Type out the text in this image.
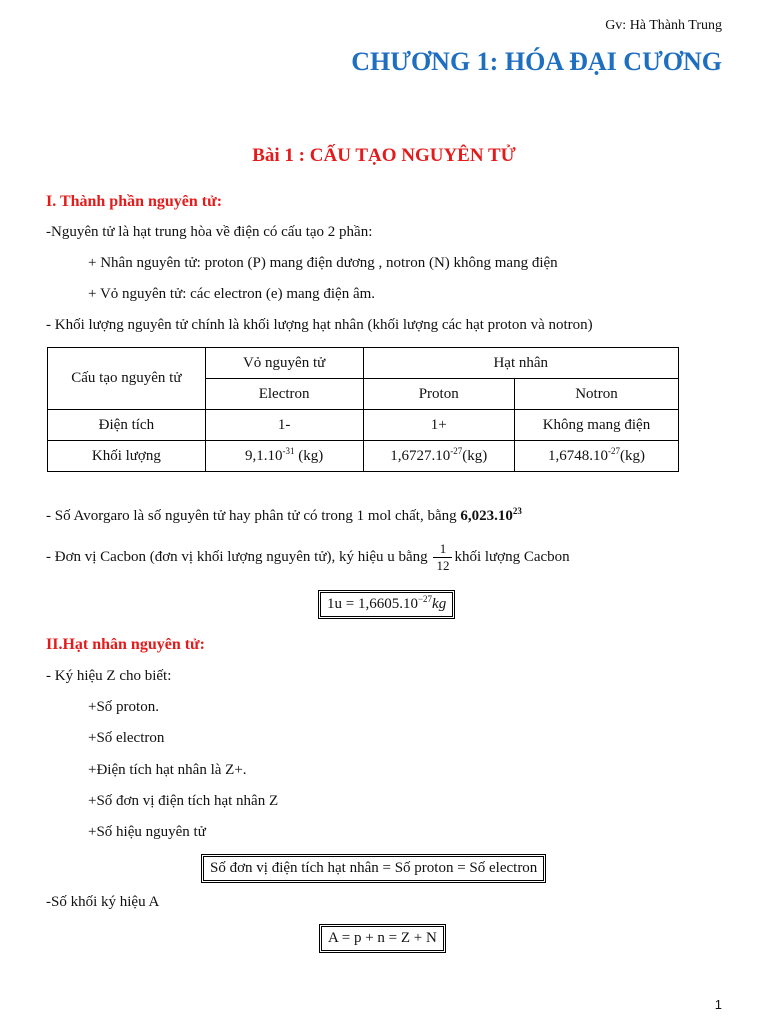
Gv: Hà Thành Trung
CHƯƠNG 1: HÓA ĐẠI CƯƠNG
Bài 1 : CẤU TẠO NGUYÊN TỬ
I. Thành phần nguyên tử:
-Nguyên tử là hạt trung hòa về điện có cấu tạo 2 phần:
+ Nhân nguyên tử: proton (P) mang điện dương , notron (N) không mang điện
+ Vỏ nguyên tử: các electron (e) mang điện âm.
- Khối lượng nguyên tử chính là khối lượng hạt nhân (khối lượng các hạt proton và notron)
Cấu tạo nguyên tử	Vỏ nguyên tử	Hạt nhân	
	Electron	Proton	Notron
Điện tích	1-	1+	Không mang điện
Khối lượng	$9,1.10^{-31}$ (kg)	$1,6727.10^{-27}(kg)$	$1,6748.10^{-27}(kg)$
- Số Avorgaro là số nguyên tử hay phân tử có trong 1 mol chất, bằng 6,023.10$^{23}$
- Đơn vị Cacbon (đơn vị khối lượng nguyên tử), ký hiệu u bằng $\frac{1}{12}$ khối lượng Cacbon
$1u = 1,6605.10^{-27}kg$
II.Hạt nhân nguyên tử:
- Ký hiệu Z cho biết:
+Số proton.
+Số electron
+Điện tích hạt nhân là Z+.
+Số đơn vị điện tích hạt nhân Z
+Số hiệu nguyên tử
Số đơn vị điện tích hạt nhân = Số proton = Số electron
-Số khối ký hiệu A
A = p + n = Z + N
1
